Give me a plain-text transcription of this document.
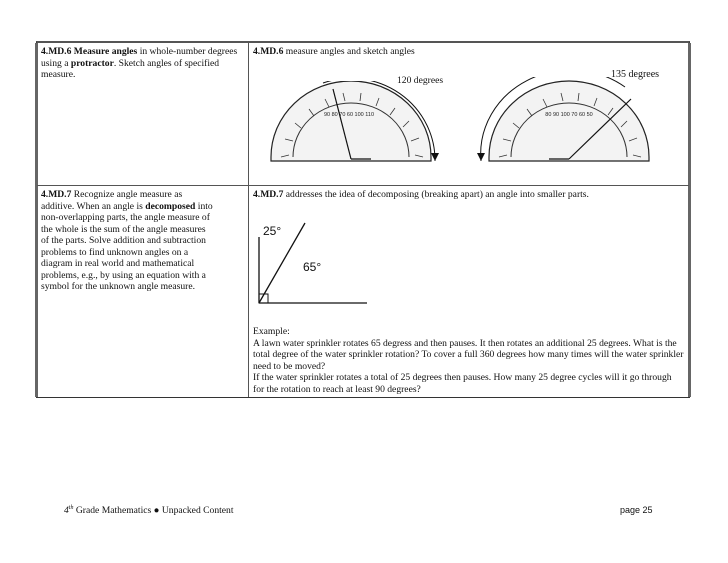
4.MD.6 Measure angles in whole-number degrees using a protractor. Sketch angles of specified measure.
4.MD.6 measure angles and sketch angles
120 degrees
135 degrees
90 80 70 60 100 110	80 90 100 70 60 50
4.MD.7 Recognize angle measure as additive. When an angle is decomposed into non-overlapping parts, the angle measure of the whole is the sum of the angle measures of the parts. Solve addition and subtraction problems to find unknown angles on a diagram in real world and mathematical problems, e.g., by using an equation with a symbol for the unknown angle measure.
4.MD.7 addresses the idea of decomposing (breaking apart) an angle into smaller parts.
25°
65°
Example:
A lawn water sprinkler rotates 65 degress and then pauses. It then rotates an additional 25 degrees. What is the total degree of the water sprinkler rotation? To cover a full 360 degrees how many times will the water sprinkler need to be moved?
If the water sprinkler rotates a total of 25 degrees then pauses. How many 25 degree cycles will it go through for the rotation to reach at least 90 degrees?
4th Grade Mathematics ● Unpacked Content	page 25
